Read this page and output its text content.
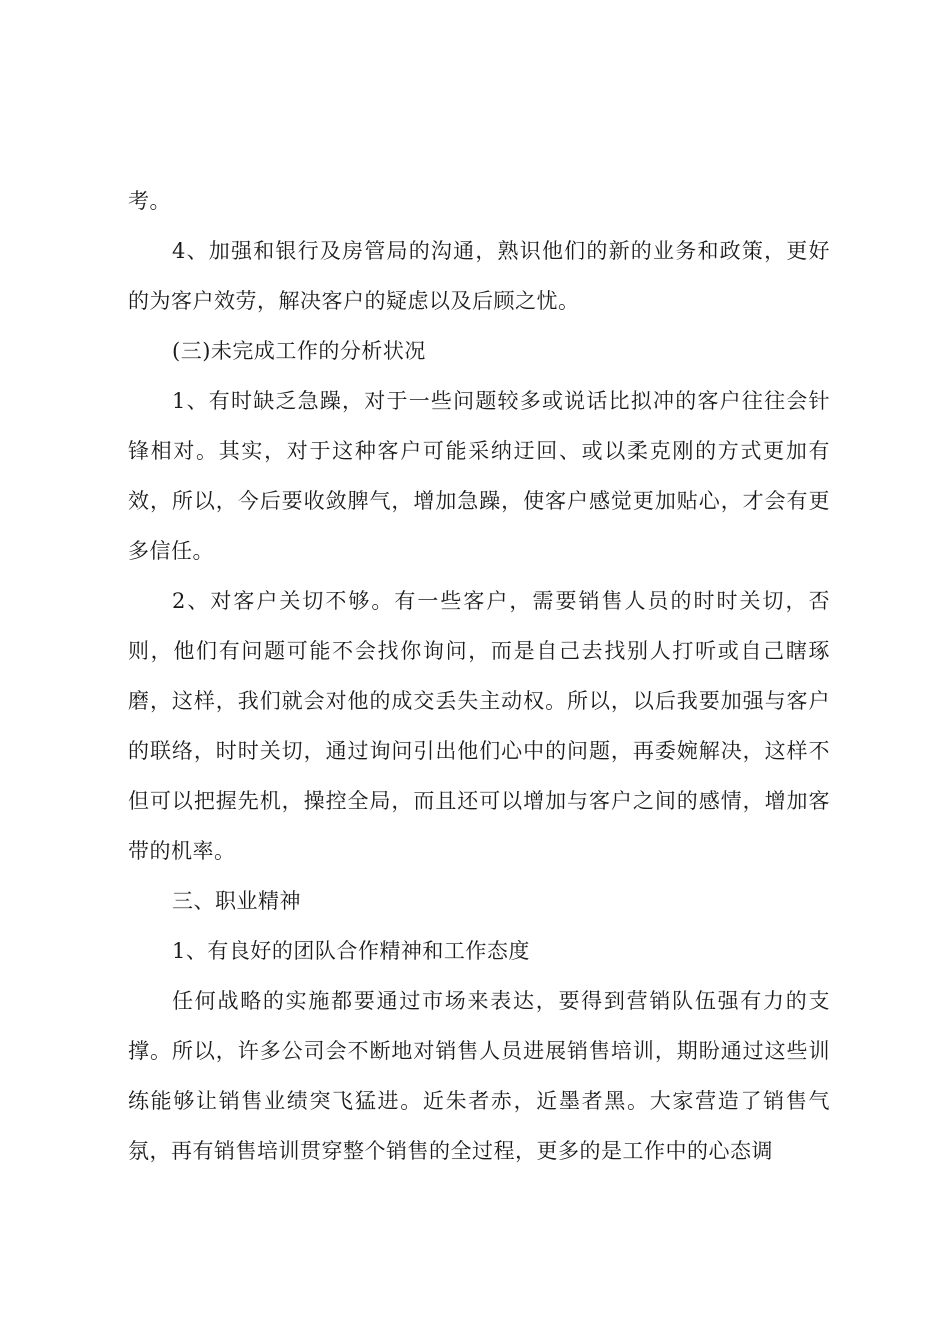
考。

4、加强和银行及房管局的沟通，熟识他们的新的业务和政策，更好的为客户效劳，解决客户的疑虑以及后顾之忧。

(三)未完成工作的分析状况

1、有时缺乏急躁，对于一些问题较多或说话比拟冲的客户往往会针锋相对。其实，对于这种客户可能采纳迂回、或以柔克刚的方式更加有效，所以，今后要收敛脾气，增加急躁，使客户感觉更加贴心，才会有更多信任。

2、对客户关切不够。有一些客户，需要销售人员的时时关切，否则，他们有问题可能不会找你询问，而是自己去找别人打听或自己瞎琢磨，这样，我们就会对他的成交丢失主动权。所以，以后我要加强与客户的联络，时时关切，通过询问引出他们心中的问题，再委婉解决，这样不但可以把握先机，操控全局，而且还可以增加与客户之间的感情，增加客带的机率。

三、职业精神

1、有良好的团队合作精神和工作态度

任何战略的实施都要通过市场来表达，要得到营销队伍强有力的支撑。所以，许多公司会不断地对销售人员进展销售培训，期盼通过这些训练能够让销售业绩突飞猛进。近朱者赤，近墨者黑。大家营造了销售气氛，再有销售培训贯穿整个销售的全过程，更多的是工作中的心态调
